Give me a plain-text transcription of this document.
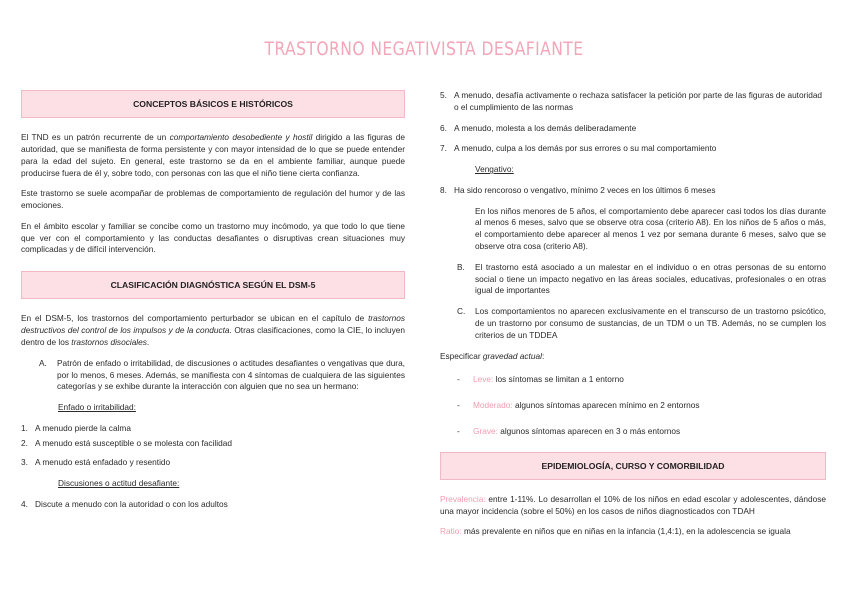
TRASTORNO NEGATIVISTA DESAFIANTE
CONCEPTOS BÁSICOS E HISTÓRICOS

El TND es un patrón recurrente de un comportamiento desobediente y hostil dirigido a las figuras de autoridad, que se manifiesta de forma persistente y con mayor intensidad de lo que se puede entender para la edad del sujeto. En general, este trastorno se da en el ambiente familiar, aunque puede producirse fuera de él y, sobre todo, con personas con las que el niño tiene cierta confianza.

Este trastorno se suele acompañar de problemas de comportamiento de regulación del humor y de las emociones.

En el ámbito escolar y familiar se concibe como un trastorno muy incómodo, ya que todo lo que tiene que ver con el comportamiento y las conductas desafiantes o disruptivas crean situaciones muy complicadas y de difícil intervención.

CLASIFICACIÓN DIAGNÓSTICA SEGÚN EL DSM-5

En el DSM-5, los trastornos del comportamiento perturbador se ubican en el capítulo de trastornos destructivos del control de los impulsos y de la conducta. Otras clasificaciones, como la CIE, lo incluyen dentro de los trastornos disociales.

A.	Patrón de enfado o irritabilidad, de discusiones o actitudes desafiantes o vengativas que dura, por lo menos, 6 meses. Además, se manifiesta con 4 síntomas de cualquiera de las siguientes categorías y se exhibe durante la interacción con alguien que no sea un hermano:
Enfado o irritabilidad:
1. A menudo pierde la calma
2. A menudo está susceptible o se molesta con facilidad
3. A menudo está enfadado y resentido
Discusiones o actitud desafiante:
4. Discute a menudo con la autoridad o con los adultos
5. A menudo, desafía activamente o rechaza satisfacer la petición por parte de las figuras de autoridad o el cumplimiento de las normas
6. A menudo, molesta a los demás deliberadamente
7. A menudo, culpa a los demás por sus errores o su mal comportamiento
Vengativo:
8. Ha sido rencoroso o vengativo, mínimo 2 veces en los últimos 6 meses
En los niños menores de 5 años, el comportamiento debe aparecer casi todos los días durante al menos 6 meses, salvo que se observe otra cosa (criterio A8). En los niños de 5 años o más, el comportamiento debe aparecer al menos 1 vez por semana durante 6 meses, salvo que se observe otra cosa (criterio A8).
B.	El trastorno está asociado a un malestar en el individuo o en otras personas de su entorno social o tiene un impacto negativo en las áreas sociales, educativas, profesionales o en otras igual de importantes
C.	Los comportamientos no aparecen exclusivamente en el transcurso de un trastorno psicótico, de un trastorno por consumo de sustancias, de un TDM o un TB. Además, no se cumplen los criterios de un TDDEA
Especificar gravedad actual:
-	Leve: los síntomas se limitan a 1 entorno
-	Moderado: algunos síntomas aparecen mínimo en 2 entornos
-	Grave: algunos síntomas aparecen en 3 o más entornos
EPIDEMIOLOGÍA, CURSO Y COMORBILIDAD

Prevalencia: entre 1-11%. Lo desarrollan el 10% de los niños en edad escolar y adolescentes, dándose una mayor incidencia (sobre el 50%) en los casos de niños diagnosticados con TDAH

Ratio: más prevalente en niños que en niñas en la infancia (1,4:1), en la adolescencia se iguala
